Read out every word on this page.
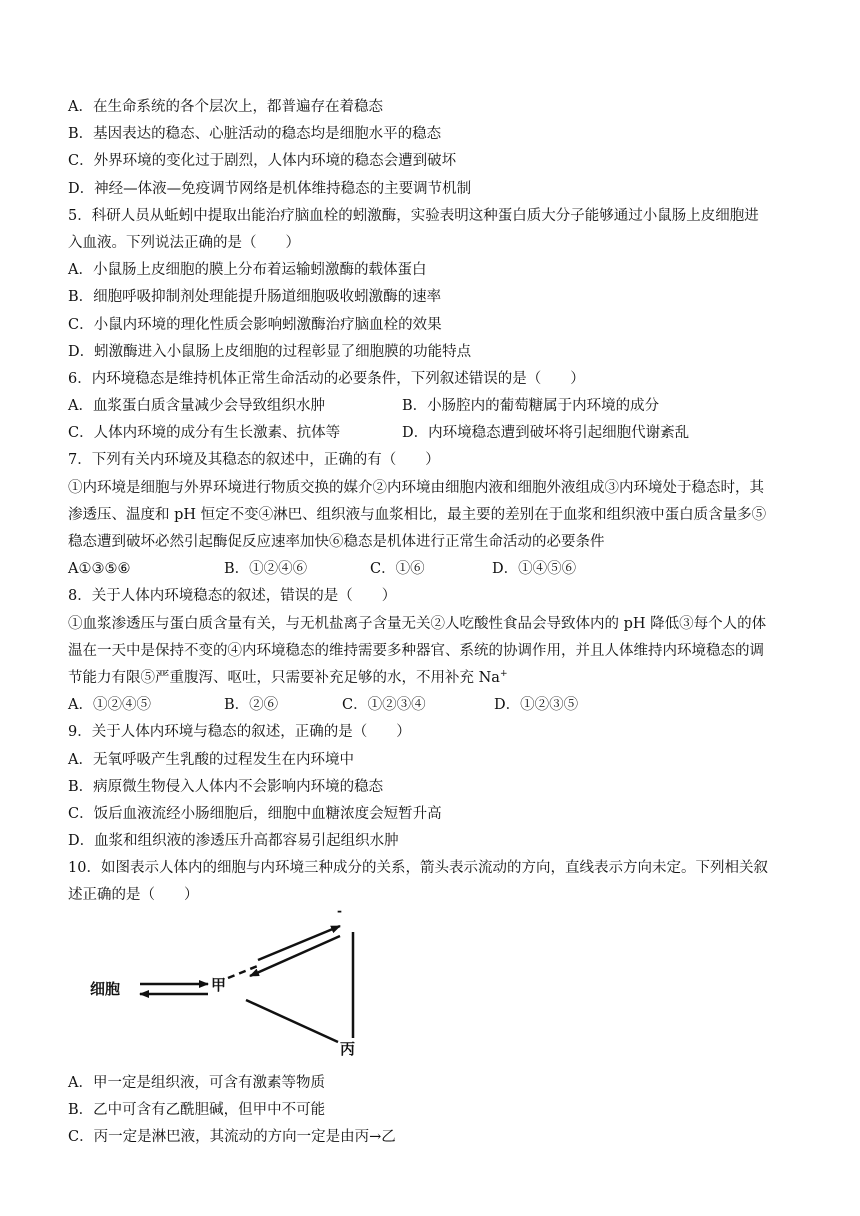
A．在生命系统的各个层次上，都普遍存在着稳态
B．基因表达的稳态、心脏活动的稳态均是细胞水平的稳态
C．外界环境的变化过于剧烈，人体内环境的稳态会遭到破坏
D．神经—体液—免疫调节网络是机体维持稳态的主要调节机制
5．科研人员从蚯蚓中提取出能治疗脑血栓的蚓激酶，实验表明这种蛋白质大分子能够通过小鼠肠上皮细胞进
入血液。下列说法正确的是（　　）
A．小鼠肠上皮细胞的膜上分布着运输蚓激酶的载体蛋白
B．细胞呼吸抑制剂处理能提升肠道细胞吸收蚓激酶的速率
C．小鼠内环境的理化性质会影响蚓激酶治疗脑血栓的效果
D．蚓激酶进入小鼠肠上皮细胞的过程彰显了细胞膜的功能特点
6．内环境稳态是维持机体正常生命活动的必要条件，下列叙述错误的是（　　）
A．血浆蛋白质含量减少会导致组织水肿	B．小肠腔内的葡萄糖属于内环境的成分
C．人体内环境的成分有生长激素、抗体等	D．内环境稳态遭到破坏将引起细胞代谢紊乱
7．下列有关内环境及其稳态的叙述中，正确的有（　　）
①内环境是细胞与外界环境进行物质交换的媒介②内环境由细胞内液和细胞外液组成③内环境处于稳态时，其
渗透压、温度和 pH 恒定不变④淋巴、组织液与血浆相比，最主要的差别在于血浆和组织液中蛋白质含量多⑤
稳态遭到破坏必然引起酶促反应速率加快⑥稳态是机体进行正常生命活动的必要条件
A①③⑤⑥	B．①②④⑥	C．①⑥	D．①④⑤⑥
8．关于人体内环境稳态的叙述，错误的是（　　）
①血浆渗透压与蛋白质含量有关，与无机盐离子含量无关②人吃酸性食品会导致体内的 pH 降低③每个人的体
温在一天中是保持不变的④内环境稳态的维持需要多种器官、系统的协调作用，并且人体维持内环境稳态的调
节能力有限⑤严重腹泻、呕吐，只需要补充足够的水，不用补充 Na+
A．①②④⑤	B．②⑥	C．①②③④	D．①②③⑤
9．关于人体内环境与稳态的叙述，正确的是（　　）
A．无氧呼吸产生乳酸的过程发生在内环境中
B．病原微生物侵入人体内不会影响内环境的稳态
C．饭后血液流经小肠细胞后，细胞中血糖浓度会短暂升高
D．血浆和组织液的渗透压升高都容易引起组织水肿
10．如图表示人体内的细胞与内环境三种成分的关系，箭头表示流动的方向，直线表示方向未定。下列相关叙
述正确的是（　　）
细胞	甲
丙
-
A．甲一定是组织液，可含有激素等物质
B．乙中可含有乙酰胆碱，但甲中不可能
C．丙一定是淋巴液，其流动的方向一定是由丙→乙
